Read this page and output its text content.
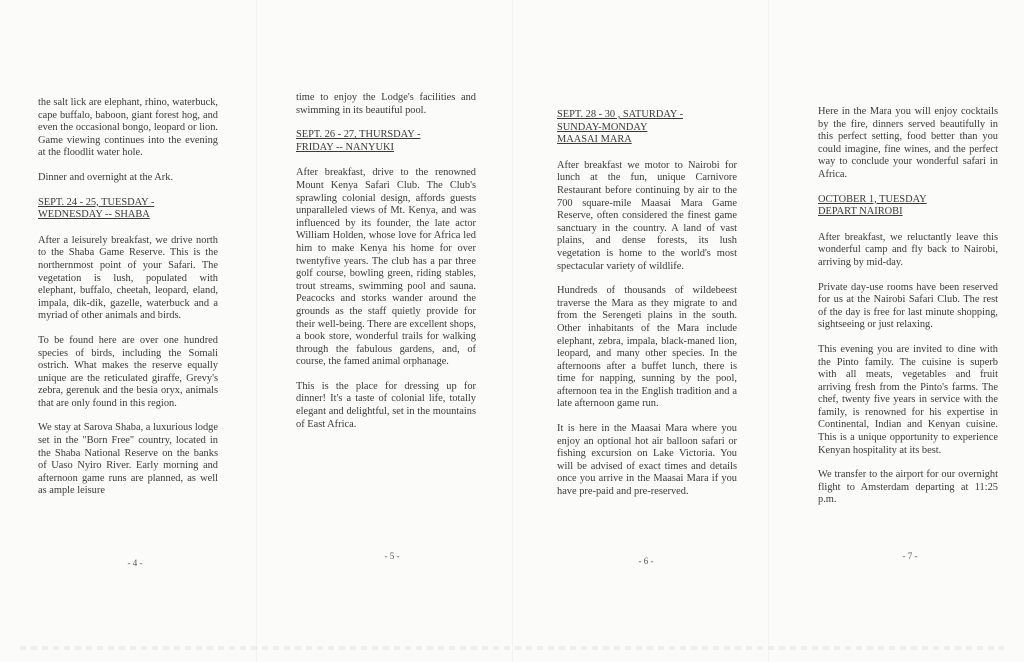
the salt lick are elephant, rhino, waterbuck, cape buffalo, baboon, giant forest hog, and even the occasional bongo, leopard or lion. Game viewing continues into the evening at the floodlit water hole.

Dinner and overnight at the Ark.

SEPT. 24 - 25, TUESDAY -
WEDNESDAY -- SHABA

After a leisurely breakfast, we drive north to the Shaba Game Reserve. This is the northernmost point of your Safari. The vegetation is lush, populated with elephant, buffalo, cheetah, leopard, eland, impala, dik-dik, gazelle, waterbuck and a myriad of other animals and birds.

To be found here are over one hundred species of birds, including the Somali ostrich. What makes the reserve equally unique are the reticulated giraffe, Grevy's zebra, gerenuk and the besia oryx, animals that are only found in this region.

We stay at Sarova Shaba, a luxurious lodge set in the "Born Free" country, located in the Shaba National Reserve on the banks of Uaso Nyiro River. Early morning and afternoon game runs are planned, as well as ample leisure

time to enjoy the Lodge's facilities and swimming in its beautiful pool.

SEPT. 26 - 27, THURSDAY -
FRIDAY -- NANYUKI

After breakfast, drive to the renowned Mount Kenya Safari Club. The Club's sprawling colonial design, affords guests unparalleled views of Mt. Kenya, and was influenced by its founder, the late actor William Holden, whose love for Africa led him to make Kenya his home for over twentyfive years. The club has a par three golf course, bowling green, riding stables, trout streams, swimming pool and sauna. Peacocks and storks wander around the grounds as the staff quietly provide for their well-being. There are excellent shops, a book store, wonderful trails for walking through the fabulous gardens, and, of course, the famed animal orphanage.

This is the place for dressing up for dinner! It's a taste of colonial life, totally elegant and delightful, set in the mountains of East Africa.

SEPT. 28 - 30 , SATURDAY -
SUNDAY-MONDAY
MAASAI MARA

After breakfast we motor to Nairobi for lunch at the fun, unique Carnivore Restaurant before continuing by air to the 700 square-mile Maasai Mara Game Reserve, often considered the finest game sanctuary in the country. A land of vast plains, and dense forests, its lush vegetation is home to the world's most spectacular variety of wildlife.

Hundreds of thousands of wildebeest traverse the Mara as they migrate to and from the Serengeti plains in the south. Other inhabitants of the Mara include elephant, zebra, impala, black-maned lion, leopard, and many other species. In the afternoons after a buffet lunch, there is time for napping, sunning by the pool, afternoon tea in the English tradition and a late afternoon game run.

It is here in the Maasai Mara where you enjoy an optional hot air balloon safari or fishing excursion on Lake Victoria. You will be advised of exact times and details once you arrive in the Maasai Mara if you have pre-paid and pre-reserved.

Here in the Mara you will enjoy cocktails by the fire, dinners served beautifully in this perfect setting, food better than you could imagine, fine wines, and the perfect way to conclude your wonderful safari in Africa.

OCTOBER 1, TUESDAY
DEPART NAIROBI

After breakfast, we reluctantly leave this wonderful camp and fly back to Nairobi, arriving by mid-day.

Private day-use rooms have been reserved for us at the Nairobi Safari Club. The rest of the day is free for last minute shopping, sightseeing or just relaxing.

This evening you are invited to dine with the Pinto family. The cuisine is superb with all meats, vegetables and fruit arriving fresh from the Pinto's farms. The chef, twenty five years in service with the family, is renowned for his expertise in Continental, Indian and Kenyan cuisine. This is a unique opportunity to experience Kenyan hospitality at its best.

We transfer to the airport for our overnight flight to Amsterdam departing at 11:25 p.m.

- 4 -
- 5 -	- 6 -	- 7 -
